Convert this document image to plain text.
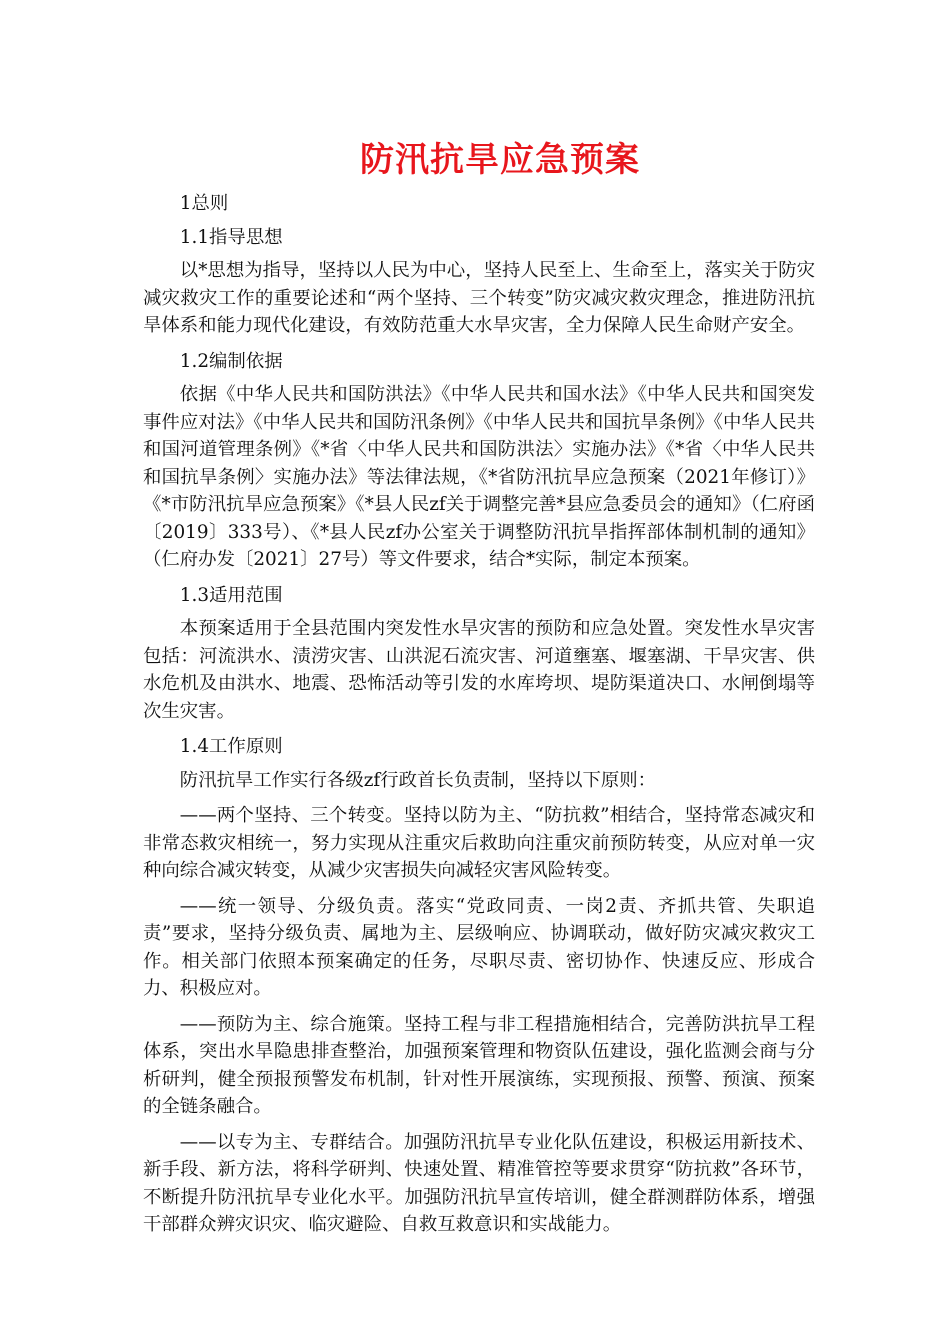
防汛抗旱应急预案

1总则

1.1指导思想

以*思想为指导，坚持以人民为中心，坚持人民至上、生命至上，落实关于防灾减灾救灾工作的重要论述和“两个坚持、三个转变”防灾减灾救灾理念，推进防汛抗旱体系和能力现代化建设，有效防范重大水旱灾害，全力保障人民生命财产安全。

1.2编制依据

依据《中华人民共和国防洪法》《中华人民共和国水法》《中华人民共和国突发事件应对法》《中华人民共和国防汛条例》《中华人民共和国抗旱条例》《中华人民共和国河道管理条例》《*省〈中华人民共和国防洪法〉实施办法》《*省〈中华人民共和国抗旱条例〉实施办法》等法律法规，《*省防汛抗旱应急预案（2021年修订）》《*市防汛抗旱应急预案》《*县人民zf关于调整完善*县应急委员会的通知》（仁府函〔2019〕333号）、《*县人民zf办公室关于调整防汛抗旱指挥部体制机制的通知》（仁府办发〔2021〕27号）等文件要求，结合*实际，制定本预案。

1.3适用范围

本预案适用于全县范围内突发性水旱灾害的预防和应急处置。突发性水旱灾害包括：河流洪水、渍涝灾害、山洪泥石流灾害、河道壅塞、堰塞湖、干旱灾害、供水危机及由洪水、地震、恐怖活动等引发的水库垮坝、堤防渠道决口、水闸倒塌等次生灾害。

1.4工作原则

防汛抗旱工作实行各级zf行政首长负责制，坚持以下原则：

——两个坚持、三个转变。坚持以防为主、“防抗救”相结合，坚持常态减灾和非常态救灾相统一，努力实现从注重灾后救助向注重灾前预防转变，从应对单一灾种向综合减灾转变，从减少灾害损失向减轻灾害风险转变。

——统一领导、分级负责。落实“党政同责、一岗2责、齐抓共管、失职追责”要求，坚持分级负责、属地为主、层级响应、协调联动，做好防灾减灾救灾工作。相关部门依照本预案确定的任务，尽职尽责、密切协作、快速反应、形成合力、积极应对。

——预防为主、综合施策。坚持工程与非工程措施相结合，完善防洪抗旱工程体系，突出水旱隐患排查整治，加强预案管理和物资队伍建设，强化监测会商与分析研判，健全预报预警发布机制，针对性开展演练，实现预报、预警、预演、预案的全链条融合。

——以专为主、专群结合。加强防汛抗旱专业化队伍建设，积极运用新技术、新手段、新方法，将科学研判、快速处置、精准管控等要求贯穿“防抗救”各环节，不断提升防汛抗旱专业化水平。加强防汛抗旱宣传培训，健全群测群防体系，增强干部群众辨灾识灾、临灾避险、自救互救意识和实战能力。
